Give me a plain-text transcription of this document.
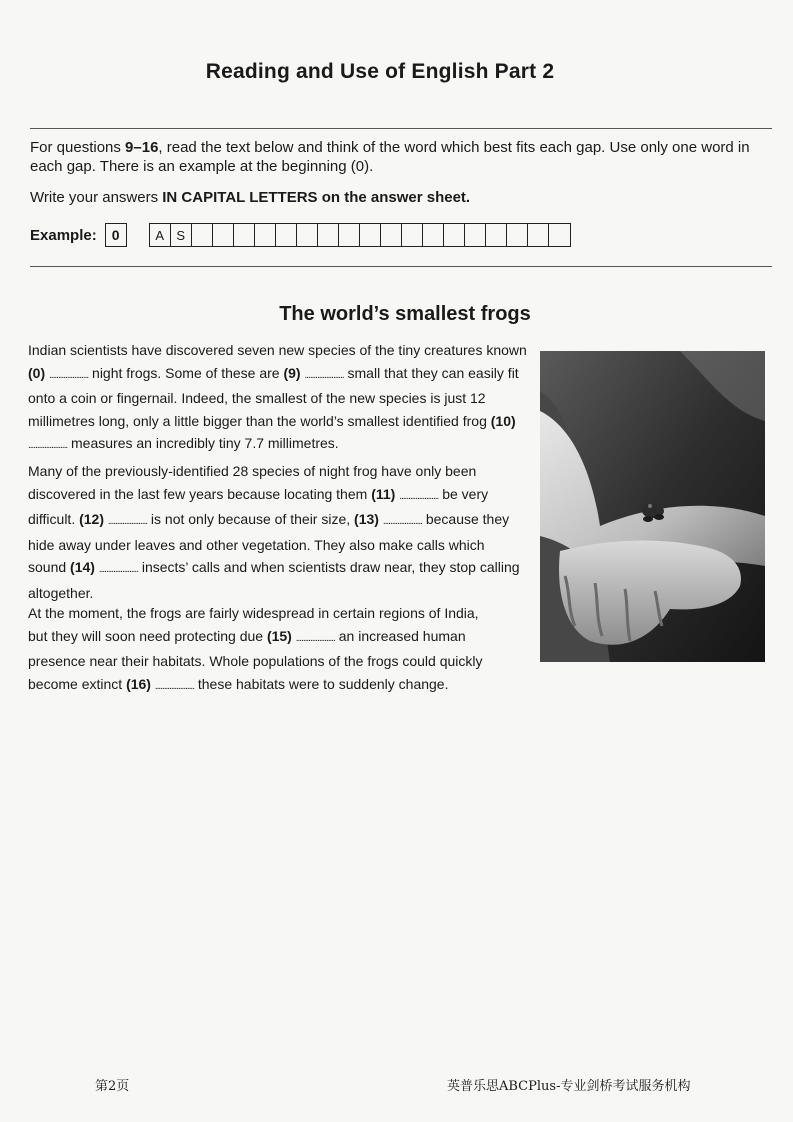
Reading and Use of English Part 2
For questions 9–16, read the text below and think of the word which best fits each gap. Use only one word in each gap. There is an example at the beginning (0).
Write your answers IN CAPITAL LETTERS on the answer sheet.
Example:	0	A S
The world’s smallest frogs
Indian scientists have discovered seven new species of the tiny creatures known (0) ...................... night frogs. Some of these are (9) ...................... small that they can easily fit onto a coin or fingernail. Indeed, the smallest of the new species is just 12 millimetres long, only a little bigger than the world’s smallest identified frog (10) ...................... measures an incredibly tiny 7.7 millimetres.
Many of the previously-identified 28 species of night frog have only been discovered in the last few years because locating them (11) ...................... be very difficult. (12) ...................... is not only because of their size, (13) ...................... because they hide away under leaves and other vegetation. They also make calls which sound (14) ...................... insects’ calls and when scientists draw near, they stop calling altogether.
At the moment, the frogs are fairly widespread in certain regions of India, but they will soon need protecting due (15) ...................... an increased human presence near their habitats. Whole populations of the frogs could quickly become extinct (16) ...................... these habitats were to suddenly change.
第2页	英普乐思ABCPlus-专业剑桥考试服务机构
